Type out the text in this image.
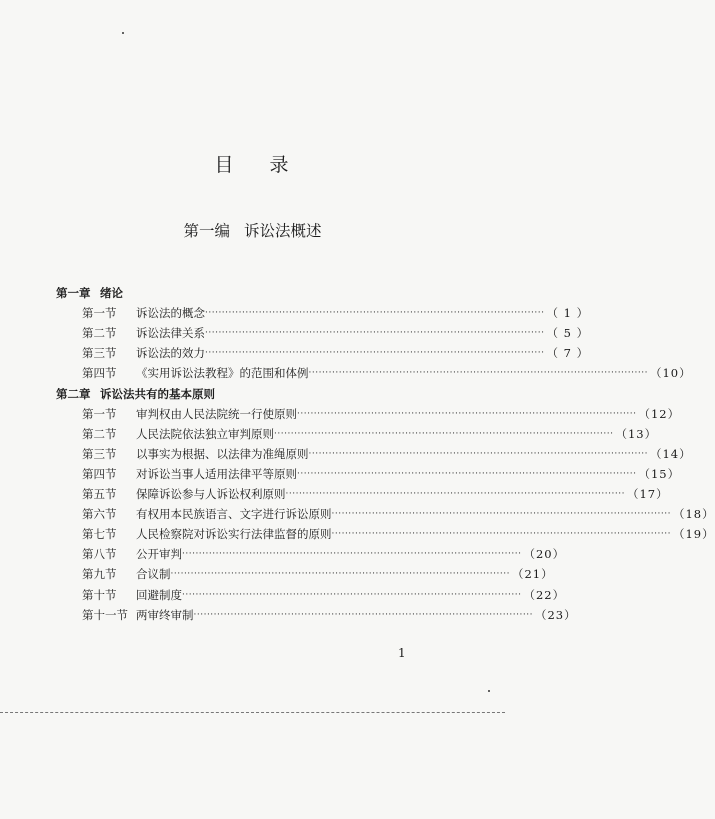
目 录
第一编 诉讼法概述
第一章 绪论
第一节	诉讼法的概念 ····································································································· （ 1 ）
第二节	诉讼法律关系 ····································································································· （ 5 ）
第三节	诉讼法的效力 ····································································································· （ 7 ）
第四节	《实用诉讼法教程》的范围和体例 ····································································································· （10）
第二章 诉讼法共有的基本原则
第一节	审判权由人民法院统一行使原则 ····································································································· （12）
第二节	人民法院依法独立审判原则 ····································································································· （13）
第三节	以事实为根据、以法律为准绳原则 ····································································································· （14）
第四节	对诉讼当事人适用法律平等原则 ····································································································· （15）
第五节	保障诉讼参与人诉讼权利原则 ····································································································· （17）
第六节	有权用本民族语言、文字进行诉讼原则 ····································································································· （18）
第七节	人民检察院对诉讼实行法律监督的原则 ····································································································· （19）
第八节	公开审判 ····································································································· （20）
第九节	合议制 ····································································································· （21）
第十节	回避制度 ····································································································· （22）
第十一节 两审终审制 ····································································································· （23）
1
